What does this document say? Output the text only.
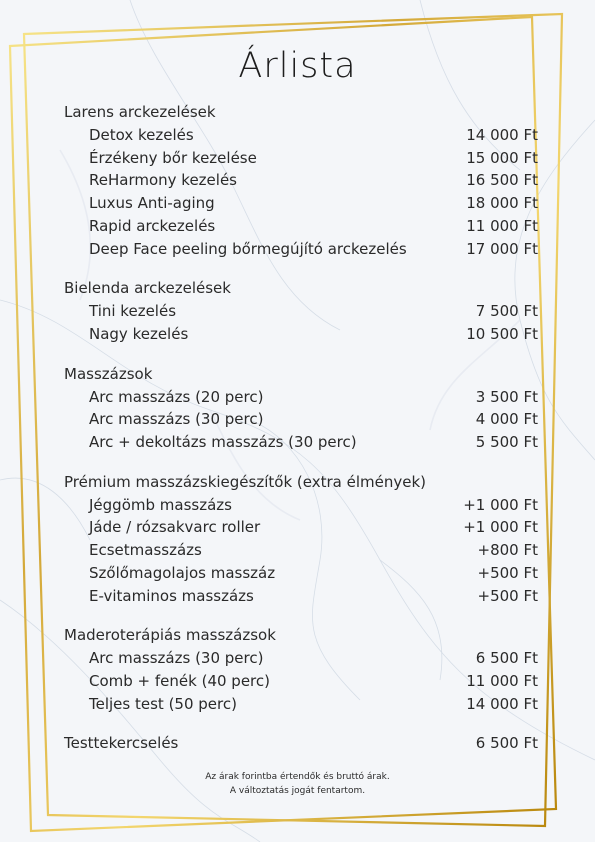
Árlista
Larens arckezelések
Detox kezelés	14 000 Ft
Érzékeny bőr kezelése	15 000 Ft
ReHarmony kezelés	16 500 Ft
Luxus Anti-aging	18 000 Ft
Rapid arckezelés	11 000 Ft
Deep Face peeling bőrmegújító arckezelés	17 000 Ft
Bielenda arckezelések
Tini kezelés	7 500 Ft
Nagy kezelés	10 500 Ft
Masszázsok
Arc masszázs (20 perc)	3 500 Ft
Arc masszázs (30 perc)	4 000 Ft
Arc + dekoltázs masszázs (30 perc)	5 500 Ft
Prémium masszázskiegészítők (extra élmények)
Jéggömb masszázs	+1 000 Ft
Jáde / rózsakvarc roller	+1 000 Ft
Ecsetmasszázs	+800 Ft
Szőlőmagolajos masszáz	+500 Ft
E-vitaminos masszázs	+500 Ft
Maderoterápiás masszázsok
Arc masszázs (30 perc)	6 500 Ft
Comb + fenék (40 perc)	11 000 Ft
Teljes test (50 perc)	14 000 Ft
Testtekercselés	6 500 Ft
Az árak forintba értendők és bruttó árak.
A változtatás jogát fentartom.
